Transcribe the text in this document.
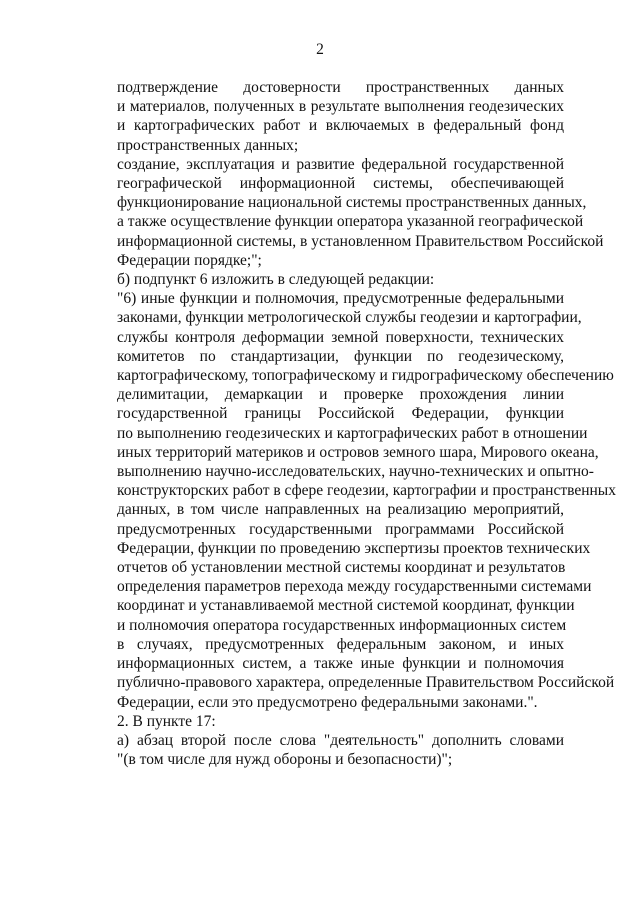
2

подтверждение достоверности пространственных данных
и материалов, полученных в результате выполнения геодезических
и картографических работ и включаемых в федеральный фонд
пространственных данных;

создание, эксплуатация и развитие федеральной государственной
географической информационной системы, обеспечивающей
функционирование национальной системы пространственных данных,
а также осуществление функции оператора указанной географической
информационной системы, в установленном Правительством Российской
Федерации порядке;";

б) подпункт 6 изложить в следующей редакции:

"6) иные функции и полномочия, предусмотренные федеральными
законами, функции метрологической службы геодезии и картографии,
службы контроля деформации земной поверхности, технических
комитетов по стандартизации, функции по геодезическому,
картографическому, топографическому и гидрографическому обеспечению
делимитации, демаркации и проверке прохождения линии
государственной границы Российской Федерации, функции
по выполнению геодезических и картографических работ в отношении
иных территорий материков и островов земного шара, Мирового океана,
выполнению научно-исследовательских, научно-технических и опытно-
конструкторских работ в сфере геодезии, картографии и пространственных
данных, в том числе направленных на реализацию мероприятий,
предусмотренных государственными программами Российской
Федерации, функции по проведению экспертизы проектов технических
отчетов об установлении местной системы координат и результатов
определения параметров перехода между государственными системами
координат и устанавливаемой местной системой координат, функции
и полномочия оператора государственных информационных систем
в случаях, предусмотренных федеральным законом, и иных
информационных систем, а также иные функции и полномочия
публично-правового характера, определенные Правительством Российской
Федерации, если это предусмотрено федеральными законами.".

2. В пункте 17:

а) абзац второй после слова "деятельность" дополнить словами
"(в том числе для нужд обороны и безопасности)";
